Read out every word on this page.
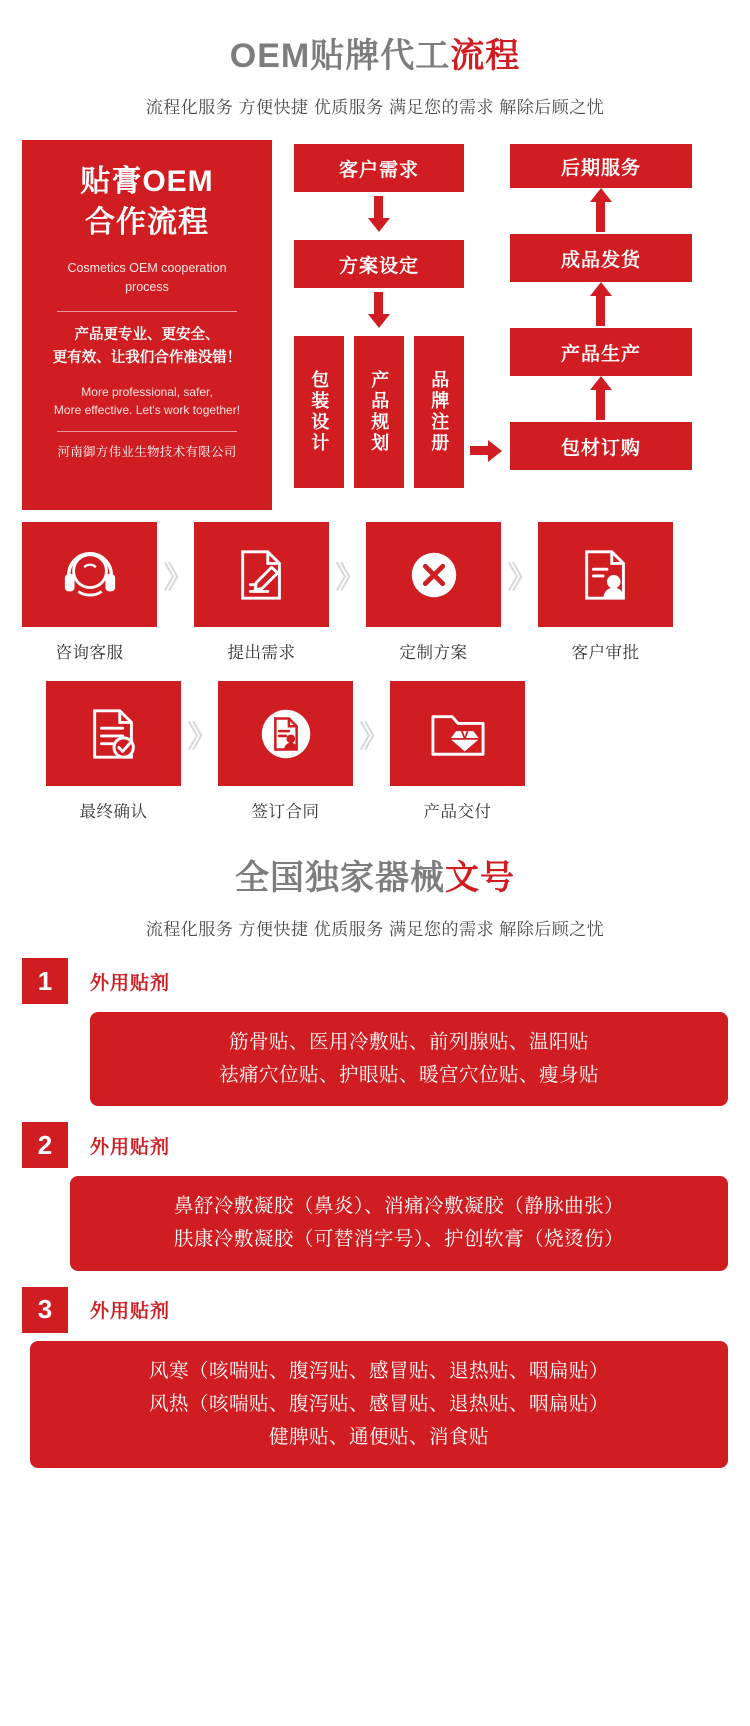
OEM贴牌代工流程
流程化服务 方便快捷 优质服务 满足您的需求 解除后顾之忧
贴膏OEM
合作流程
Cosmetics OEM cooperation
process
产品更专业、更安全、
更有效、让我们合作准没错！
More professional, safer,
More effective. Let's work together!
河南御方伟业生物技术有限公司
客户需求
方案设定
包装设计	产品规划	品牌注册	包材订购
产品生产
成品发货
后期服务
咨询客服
》
提出需求
》
定制方案
》
客户审批
最终确认
》
签订合同
》
产品交付
全国独家器械文号
流程化服务 方便快捷 优质服务 满足您的需求 解除后顾之忧
1	外用贴剂
筋骨贴、医用冷敷贴、前列腺贴、温阳贴
祛痛穴位贴、护眼贴、暖宫穴位贴、瘦身贴
2	外用贴剂
鼻舒冷敷凝胶（鼻炎）、消痛冷敷凝胶（静脉曲张）
肤康冷敷凝胶（可替消字号）、护创软膏（烧烫伤）
3	外用贴剂
风寒（咳喘贴、腹泻贴、感冒贴、退热贴、咽扁贴）
风热（咳喘贴、腹泻贴、感冒贴、退热贴、咽扁贴）
健脾贴、通便贴、消食贴
